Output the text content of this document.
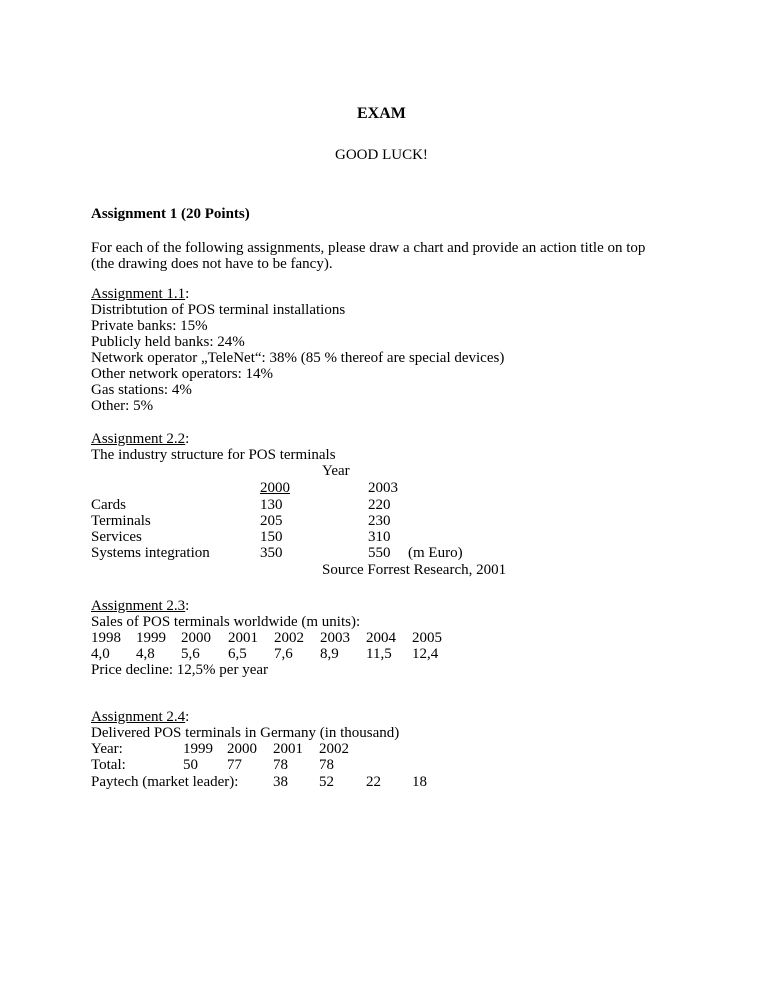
EXAM
GOOD LUCK!
Assignment 1 (20 Points)
For each of the following assignments, please draw a chart and provide an action title on top
(the drawing does not have to be fancy).
Assignment 1.1:
Distribtution of POS terminal installations
Private banks: 15%
Publicly held banks: 24%
Network operator „TeleNet“: 38% (85 % thereof are special devices)
Other network operators: 14%
Gas stations: 4%
Other: 5%
Assignment 2.2:
The industry structure for POS terminals
Year
2000	2003
Cards	130	220
Terminals	205	230
Services	150	310
Systems integration	350	550 (m Euro)
Source Forrest Research, 2001
Assignment 2.3:
Sales of POS terminals worldwide (m units):
1998 1999 2000 2001 2002 2003 2004 2005
4,0 4,8 5,6 6,5 7,6 8,9 11,5 12,4
Price decline: 12,5% per year
Assignment 2.4:
Delivered POS terminals in Germany (in thousand)
Year:	1999 2000 2001 2002
Total:	50 77 78 78
Paytech (market leader): 38 52 22 18
